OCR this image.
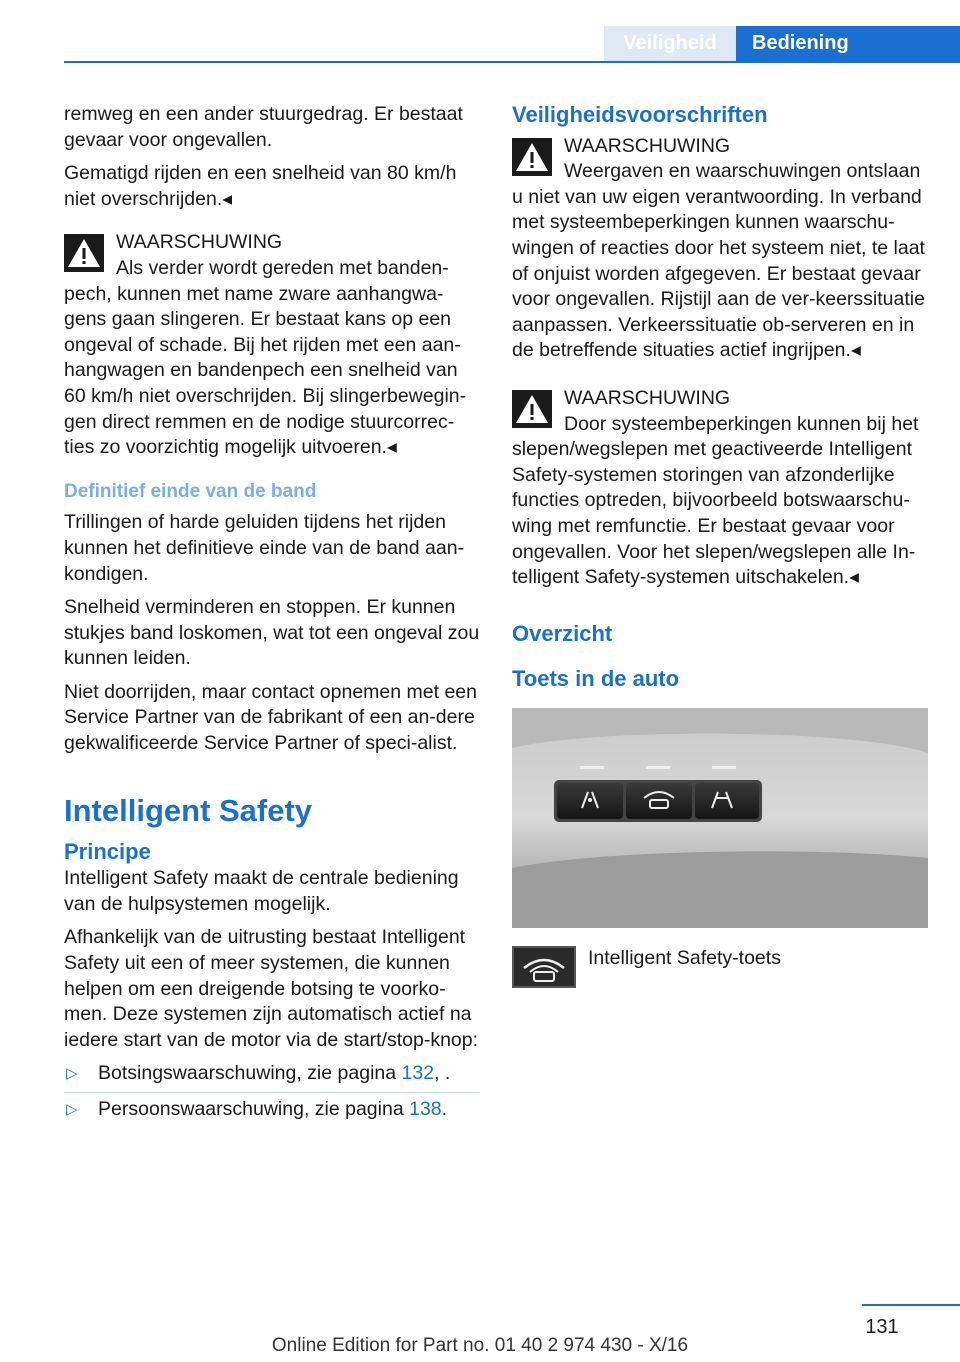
Veiligheid	Bediening

remweg en een ander stuurgedrag. Er bestaat gevaar voor ongevallen.

Gematigd rijden en een snelheid van 80 km/h niet overschrijden.◂

WAARSCHUWING
Als verder wordt gereden met banden-pech, kunnen met name zware aanhangwa-gens gaan slingeren. Er bestaat kans op een ongeval of schade. Bij het rijden met een aan-hangwagen en bandenpech een snelheid van 60 km/h niet overschrijden. Bij slingerbewegin-gen direct remmen en de nodige stuurcorrec-ties zo voorzichtig mogelijk uitvoeren.◂
Definitief einde van de band

Trillingen of harde geluiden tijdens het rijden kunnen het definitieve einde van de band aan-kondigen.

Snelheid verminderen en stoppen. Er kunnen stukjes band loskomen, wat tot een ongeval zou kunnen leiden.

Niet doorrijden, maar contact opnemen met een Service Partner van de fabrikant of een an-dere gekwalificeerde Service Partner of speci-alist.

Intelligent Safety
Principe

Intelligent Safety maakt de centrale bediening van de hulpsystemen mogelijk.

Afhankelijk van de uitrusting bestaat Intelligent Safety uit een of meer systemen, die kunnen helpen om een dreigende botsing te voorko-men. Deze systemen zijn automatisch actief na iedere start van de motor via de start/stop-knop:

▷ Botsingswaarschuwing, zie pagina 132, .
▷ Persoonswaarschuwing, zie pagina 138.
Veiligheidsvoorschriften
WAARSCHUWING
Weergaven en waarschuwingen ontslaan u niet van uw eigen verantwoording. In verband met systeembeperkingen kunnen waarschu-wingen of reacties door het systeem niet, te laat of onjuist worden afgegeven. Er bestaat gevaar voor ongevallen. Rijstijl aan de ver-keerssituatie aanpassen. Verkeerssituatie ob-serveren en in de betreffende situaties actief ingrijpen.◂
WAARSCHUWING
Door systeembeperkingen kunnen bij het slepen/wegslepen met geactiveerde Intelligent Safety-systemen storingen van afzonderlijke functies optreden, bijvoorbeeld botswaarschu-wing met remfunctie. Er bestaat gevaar voor ongevallen. Voor het slepen/wegslepen alle In-telligent Safety-systemen uitschakelen.◂
Overzicht
Toets in de auto
Intelligent Safety-toets
131
Online Edition for Part no. 01 40 2 974 430 - X/16
